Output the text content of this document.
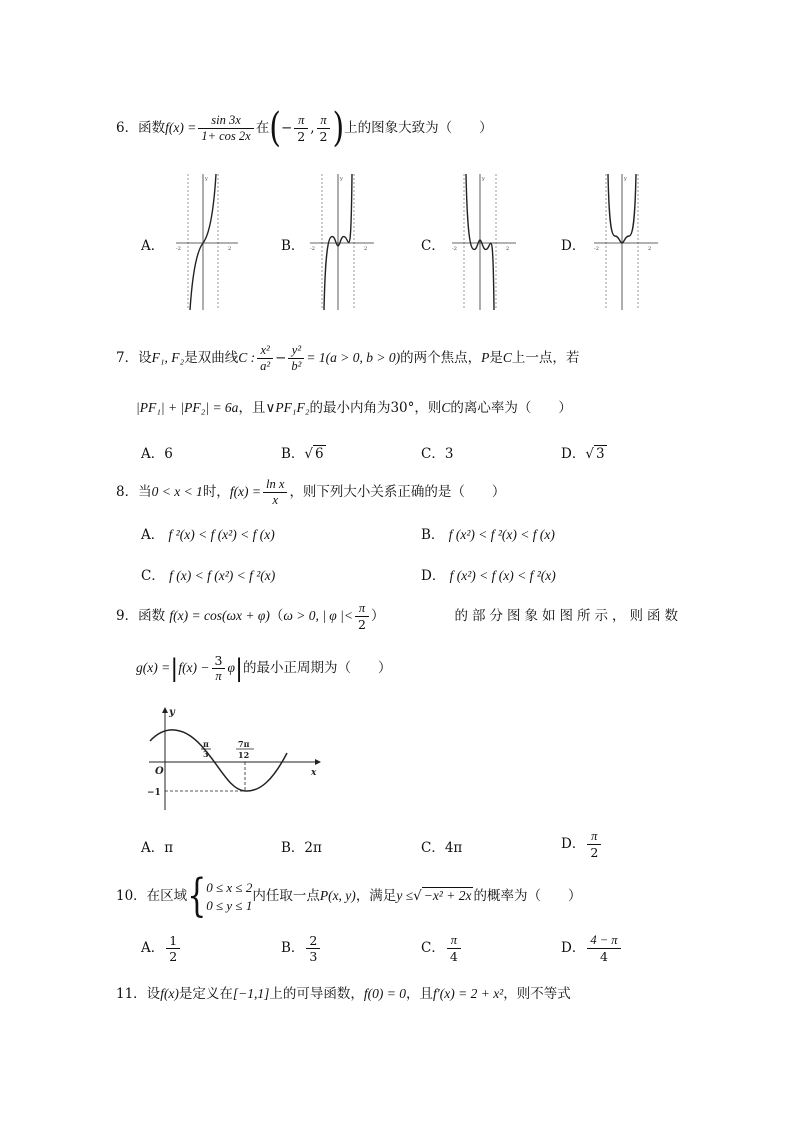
6．函数$f(x) = \frac{\sin 3x}{1+ \cos 2x}$ 在(− $\frac{\pi}{2}$ , $\frac{\pi}{2}$ )上的图象大致为（　　）
A．	B．	C．	D．
y
-2	2
y
-2	2
y
-2	2
y
-2	2
7．设F₁, F₂是双曲线C : $\frac{\text{x²}}{\text{a²}} - \frac{\text{y²}}{\text{b²}} = 1(a > 0$, b > 0)的两个焦点，P是C上一点，若
|PF₁| + |PF₂| = 6a，且∨PF₁F₂的最小内角为30°，则C的离心率为（　　）
A．6	B．√ 6	C．3	D．√ 3
8．当0 < x < 1时，$f(x) = \frac{\text{ln x}}{x}$ ，则下列大小关系正确的是（　　）
A． f ²(x) < f (x²) < f (x)	B． f (x²) < f ²(x) < f (x)
C． f (x) < f (x²) < f ²(x)	D． f (x²) < f (x) < f ²(x)
9．函数 f(x) = cos(ωx + φ)（ω > 0, | φ |< $\frac{\pi}{2}$ ）	的部分图象如图所示，则函数
$g(x) =|f(x) - \frac{3}{\pi} \varphi|$的最小正周期为（　　）
y
x
O
−1
π
3
7π
12
A．π	B．2π	C．4π	D． $\frac{\pi}{2}$
10．在区域{ 0 ≤ x ≤ 2
0 ≤ y ≤ 1
内任取一点P(x, y)，满足y ≤√ −x² + 2x 的概率为（　　）
A． $\frac{1}{2}$	B． $\frac{2}{3}$	C． $\frac{\pi}{4}$	D． $\frac{4 - \pi}{4}$
11．设f(x)是定义在[−1,1]上的可导函数，f(0) = 0，且f′(x) = 2 + x²，则不等式
